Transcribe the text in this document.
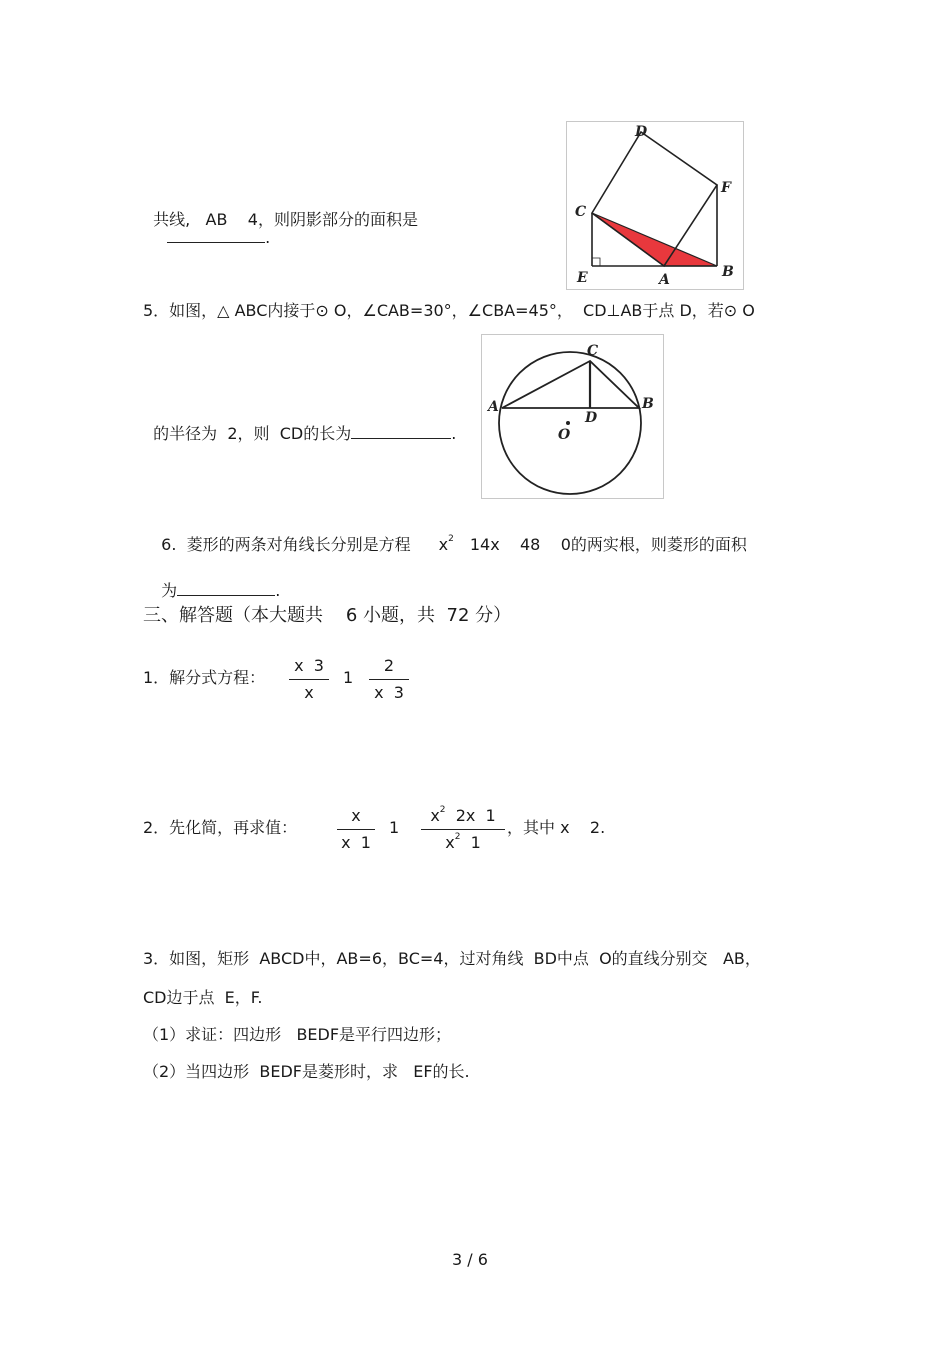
共线,   AB    4，则阴影部分的面积是
.

D
F
C
E	A	B
5．如图，△ ABC内接于⊙ O，∠CAB=30°，∠CBA=45°，  CD⊥AB于点 D，若⊙ O

的半径为  2，则  CD的长为	.

C
A
D
B
O

6.  菱形的两条对角线长分别是方程 $x^2$ 14x    48    0的两实根，则菱形的面积

为	.

三、解答题（本大题共    6 小题，共  72 分）
1．解分式方程：
x  3
x
1
2
x  3
2．先化简，再求值：
x
x  1
1
$x^2$  2x  1
$x^2$  1
，其中 x    2.
3．如图，矩形  ABCD中，AB=6，BC=4，过对角线  BD中点  O的直线分别交   AB，
CD边于点  E，F.
（1）求证：四边形   BEDF是平行四边形；
（2）当四边形  BEDF是菱形时，求   EF的长.
3 / 6
